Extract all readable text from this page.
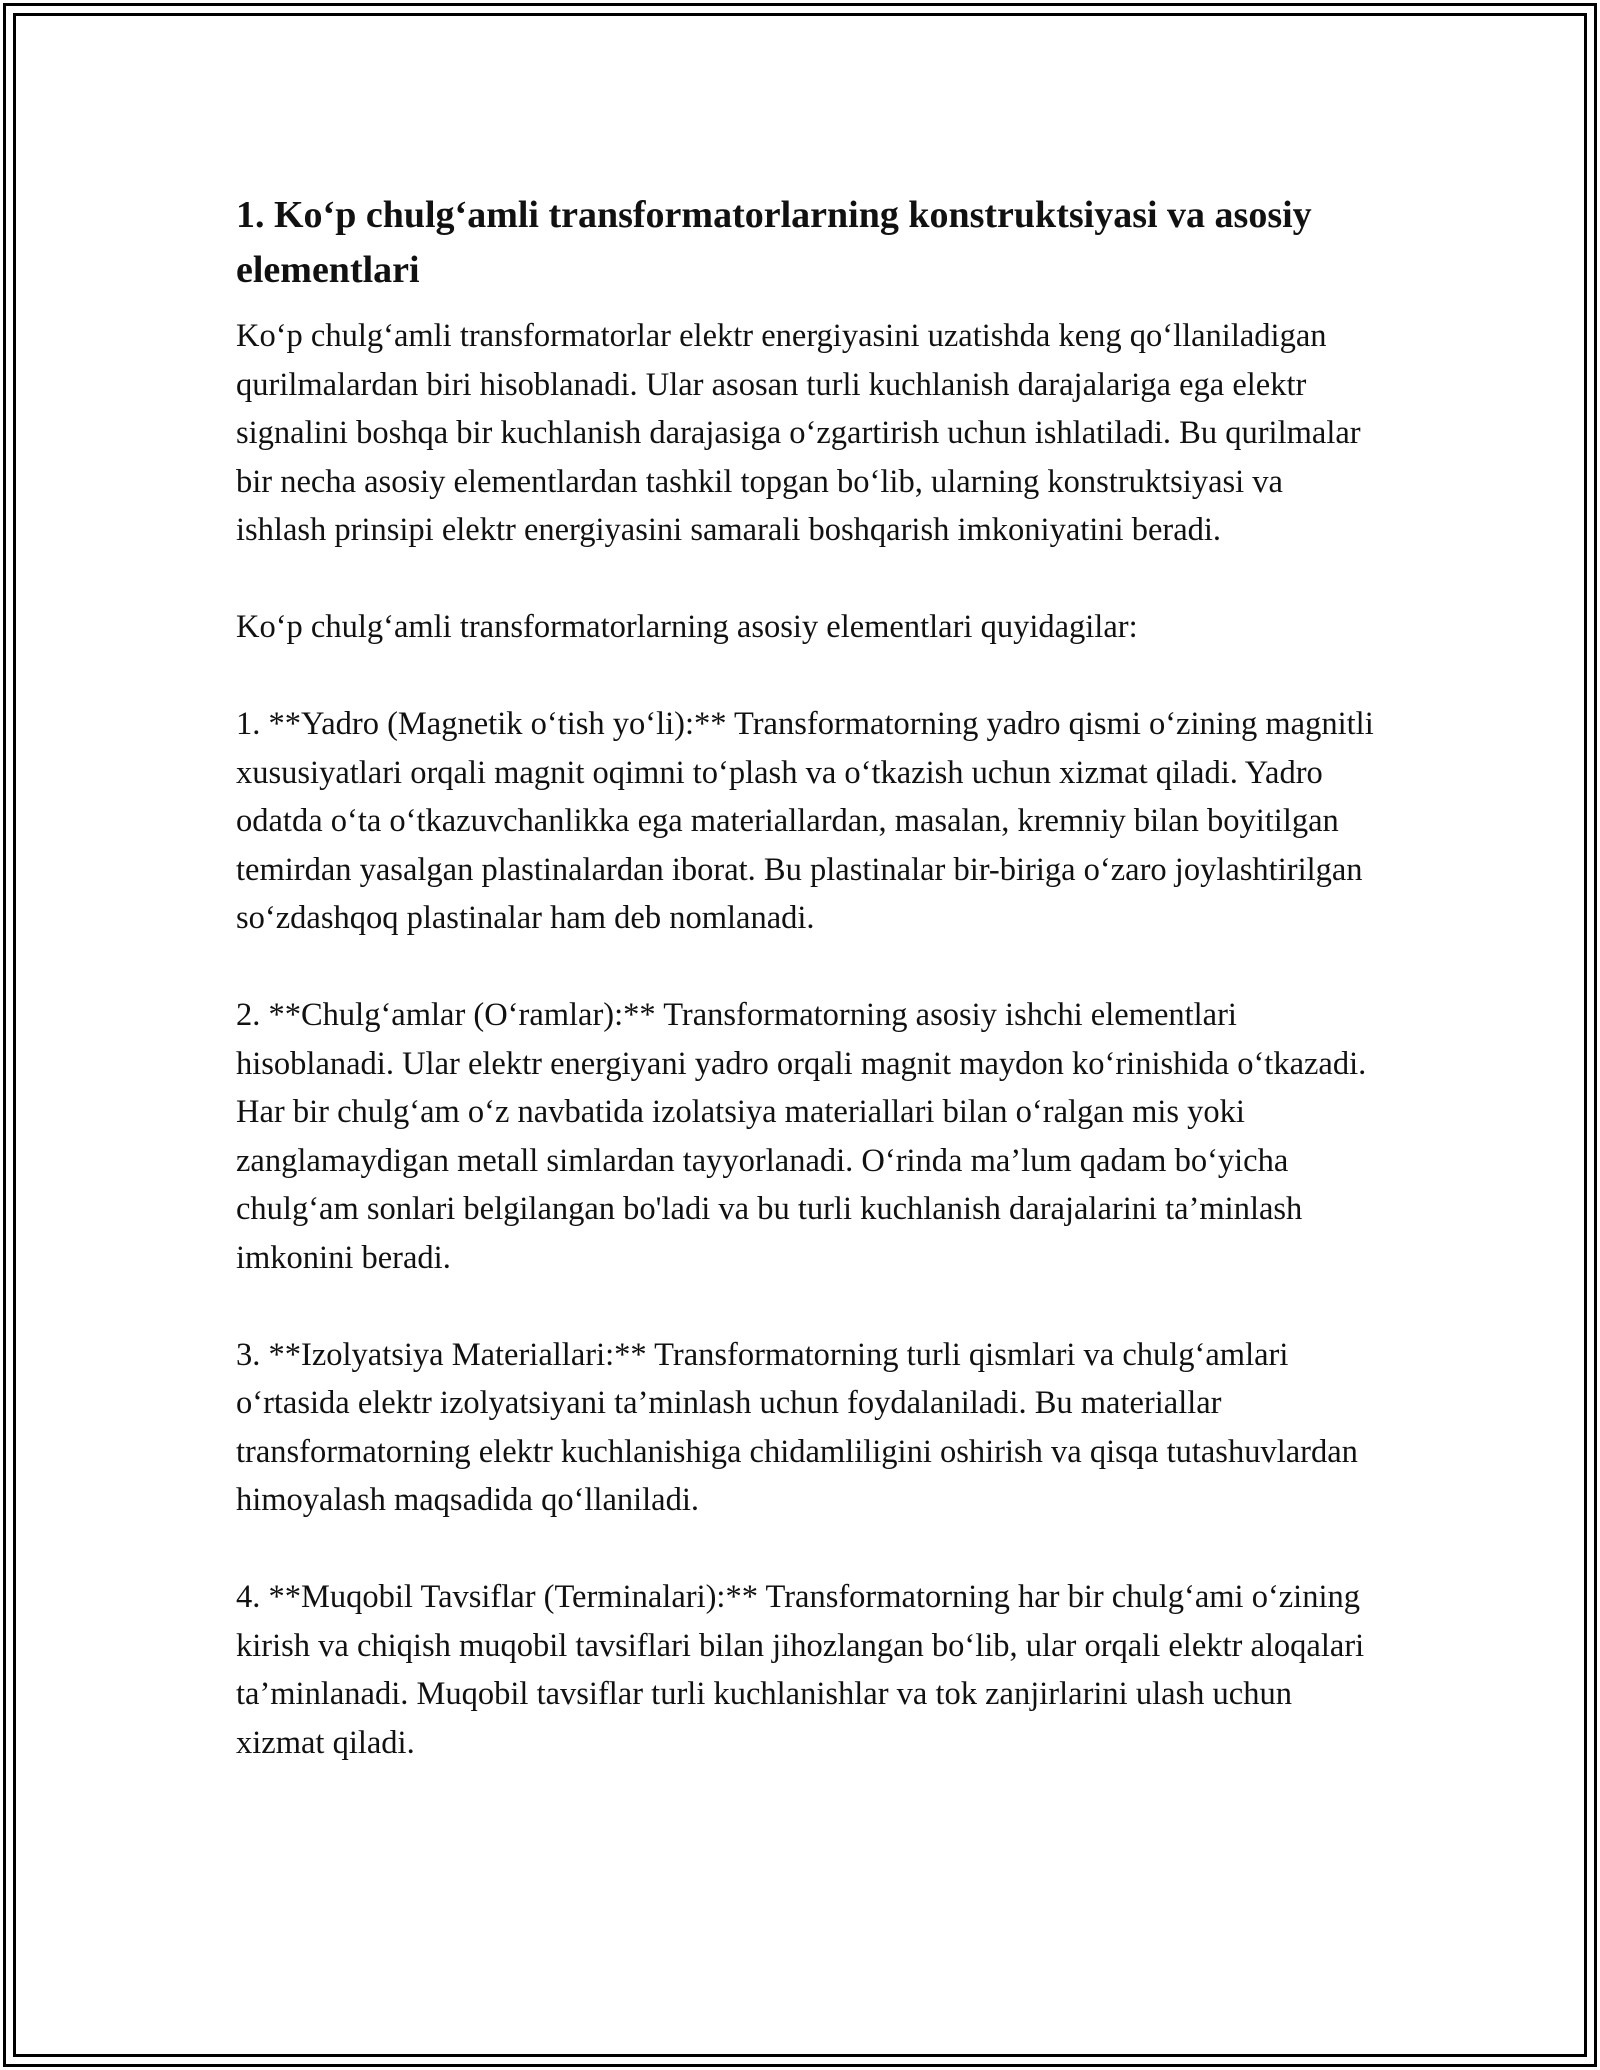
1. Ko‘p chulg‘amli transformatorlarning konstruktsiyasi va asosiy elementlari

Ko‘p chulg‘amli transformatorlar elektr energiyasini uzatishda keng qo‘llaniladigan qurilmalardan biri hisoblanadi. Ular asosan turli kuchlanish darajalariga ega elektr signalini boshqa bir kuchlanish darajasiga o‘zgartirish uchun ishlatiladi. Bu qurilmalar bir necha asosiy elementlardan tashkil topgan bo‘lib, ularning konstruktsiyasi va ishlash prinsipi elektr energiyasini samarali boshqarish imkoniyatini beradi.

Ko‘p chulg‘amli transformatorlarning asosiy elementlari quyidagilar:

1. **Yadro (Magnetik o‘tish yo‘li):** Transformatorning yadro qismi o‘zining magnitli xususiyatlari orqali magnit oqimni to‘plash va o‘tkazish uchun xizmat qiladi. Yadro odatda o‘ta o‘tkazuvchanlikka ega materiallardan, masalan, kremniy bilan boyitilgan temirdan yasalgan plastinalardan iborat. Bu plastinalar bir-biriga o‘zaro joylashtirilgan so‘zdashqoq plastinalar ham deb nomlanadi.

2. **Chulg‘amlar (O‘ramlar):** Transformatorning asosiy ishchi elementlari hisoblanadi. Ular elektr energiyani yadro orqali magnit maydon ko‘rinishida o‘tkazadi. Har bir chulg‘am o‘z navbatida izolatsiya materiallari bilan o‘ralgan mis yoki zanglamaydigan metall simlardan tayyorlanadi. O‘rinda ma’lum qadam bo‘yicha chulg‘am sonlari belgilangan bo'ladi va bu turli kuchlanish darajalarini ta’minlash imkonini beradi.

3. **Izolyatsiya Materiallari:** Transformatorning turli qismlari va chulg‘amlari o‘rtasida elektr izolyatsiyani ta’minlash uchun foydalaniladi. Bu materiallar transformatorning elektr kuchlanishiga chidamliligini oshirish va qisqa tutashuvlardan himoyalash maqsadida qo‘llaniladi.

4. **Muqobil Tavsiflar (Terminalari):** Transformatorning har bir chulg‘ami o‘zining kirish va chiqish muqobil tavsiflari bilan jihozlangan bo‘lib, ular orqali elektr aloqalari ta’minlanadi. Muqobil tavsiflar turli kuchlanishlar va tok zanjirlarini ulash uchun xizmat qiladi.
